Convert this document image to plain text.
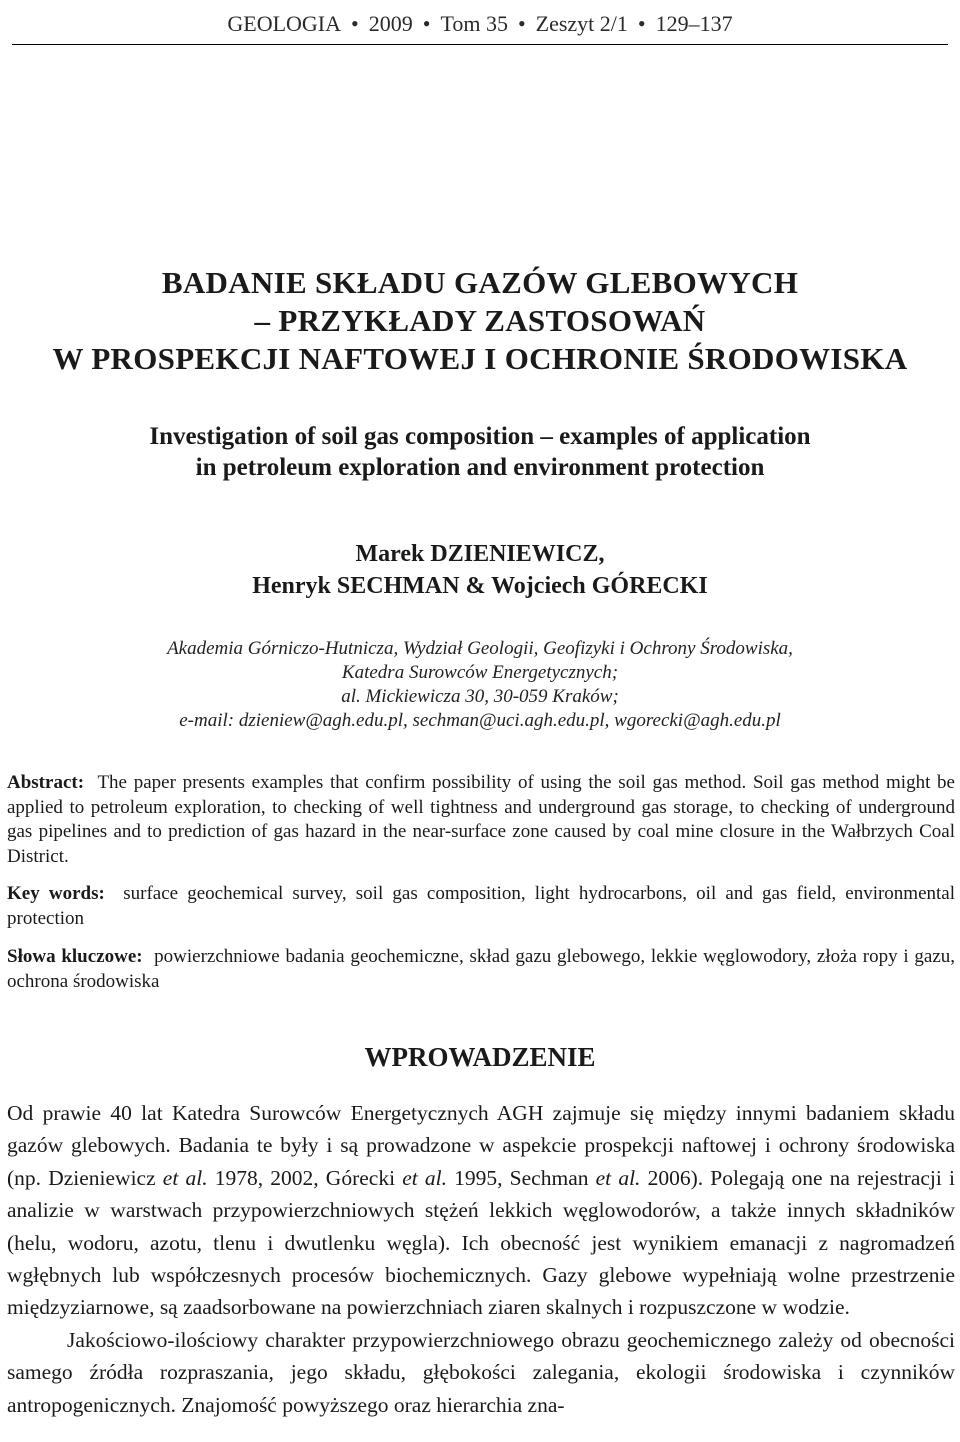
GEOLOGIA • 2009 • Tom 35 • Zeszyt 2/1 • 129–137
BADANIE SKŁADU GAZÓW GLEBOWYCH
– PRZYKŁADY ZASTOSOWAŃ
W PROSPEKCJI NAFTOWEJ I OCHRONIE ŚRODOWISKA
Investigation of soil gas composition – examples of application
in petroleum exploration and environment protection
Marek DZIENIEWICZ,
Henryk SECHMAN & Wojciech GÓRECKI
Akademia Górniczo-Hutnicza, Wydział Geologii, Geofizyki i Ochrony Środowiska,
Katedra Surowców Energetycznych;
al. Mickiewicza 30, 30-059 Kraków;
e-mail: dzieniew@agh.edu.pl, sechman@uci.agh.edu.pl, wgorecki@agh.edu.pl
Abstract: The paper presents examples that confirm possibility of using the soil gas method. Soil gas method might be applied to petroleum exploration, to checking of well tightness and underground gas storage, to checking of underground gas pipelines and to prediction of gas hazard in the near-surface zone caused by coal mine closure in the Wałbrzych Coal District.
Key words: surface geochemical survey, soil gas composition, light hydrocarbons, oil and gas field, environmental protection
Słowa kluczowe: powierzchniowe badania geochemiczne, skład gazu glebowego, lekkie węglowodory, złoża ropy i gazu, ochrona środowiska
WPROWADZENIE

Od prawie 40 lat Katedra Surowców Energetycznych AGH zajmuje się między innymi badaniem składu gazów glebowych. Badania te były i są prowadzone w aspekcie prospekcji naftowej i ochrony środowiska (np. Dzieniewicz et al. 1978, 2002, Górecki et al. 1995, Sechman et al. 2006). Polegają one na rejestracji i analizie w warstwach przypowierzchniowych stężeń lekkich węglowodorów, a także innych składników (helu, wodoru, azotu, tlenu i dwutlenku węgla). Ich obecność jest wynikiem emanacji z nagromadzeń wgłębnych lub współczesnych procesów biochemicznych. Gazy glebowe wypełniają wolne przestrzenie międzyziarnowe, są zaadsorbowane na powierzchniach ziaren skalnych i rozpuszczone w wodzie.

Jakościowo-ilościowy charakter przypowierzchniowego obrazu geochemicznego zależy od obecności samego źródła rozpraszania, jego składu, głębokości zalegania, ekologii środowiska i czynników antropogenicznych. Znajomość powyższego oraz hierarchia zna-
